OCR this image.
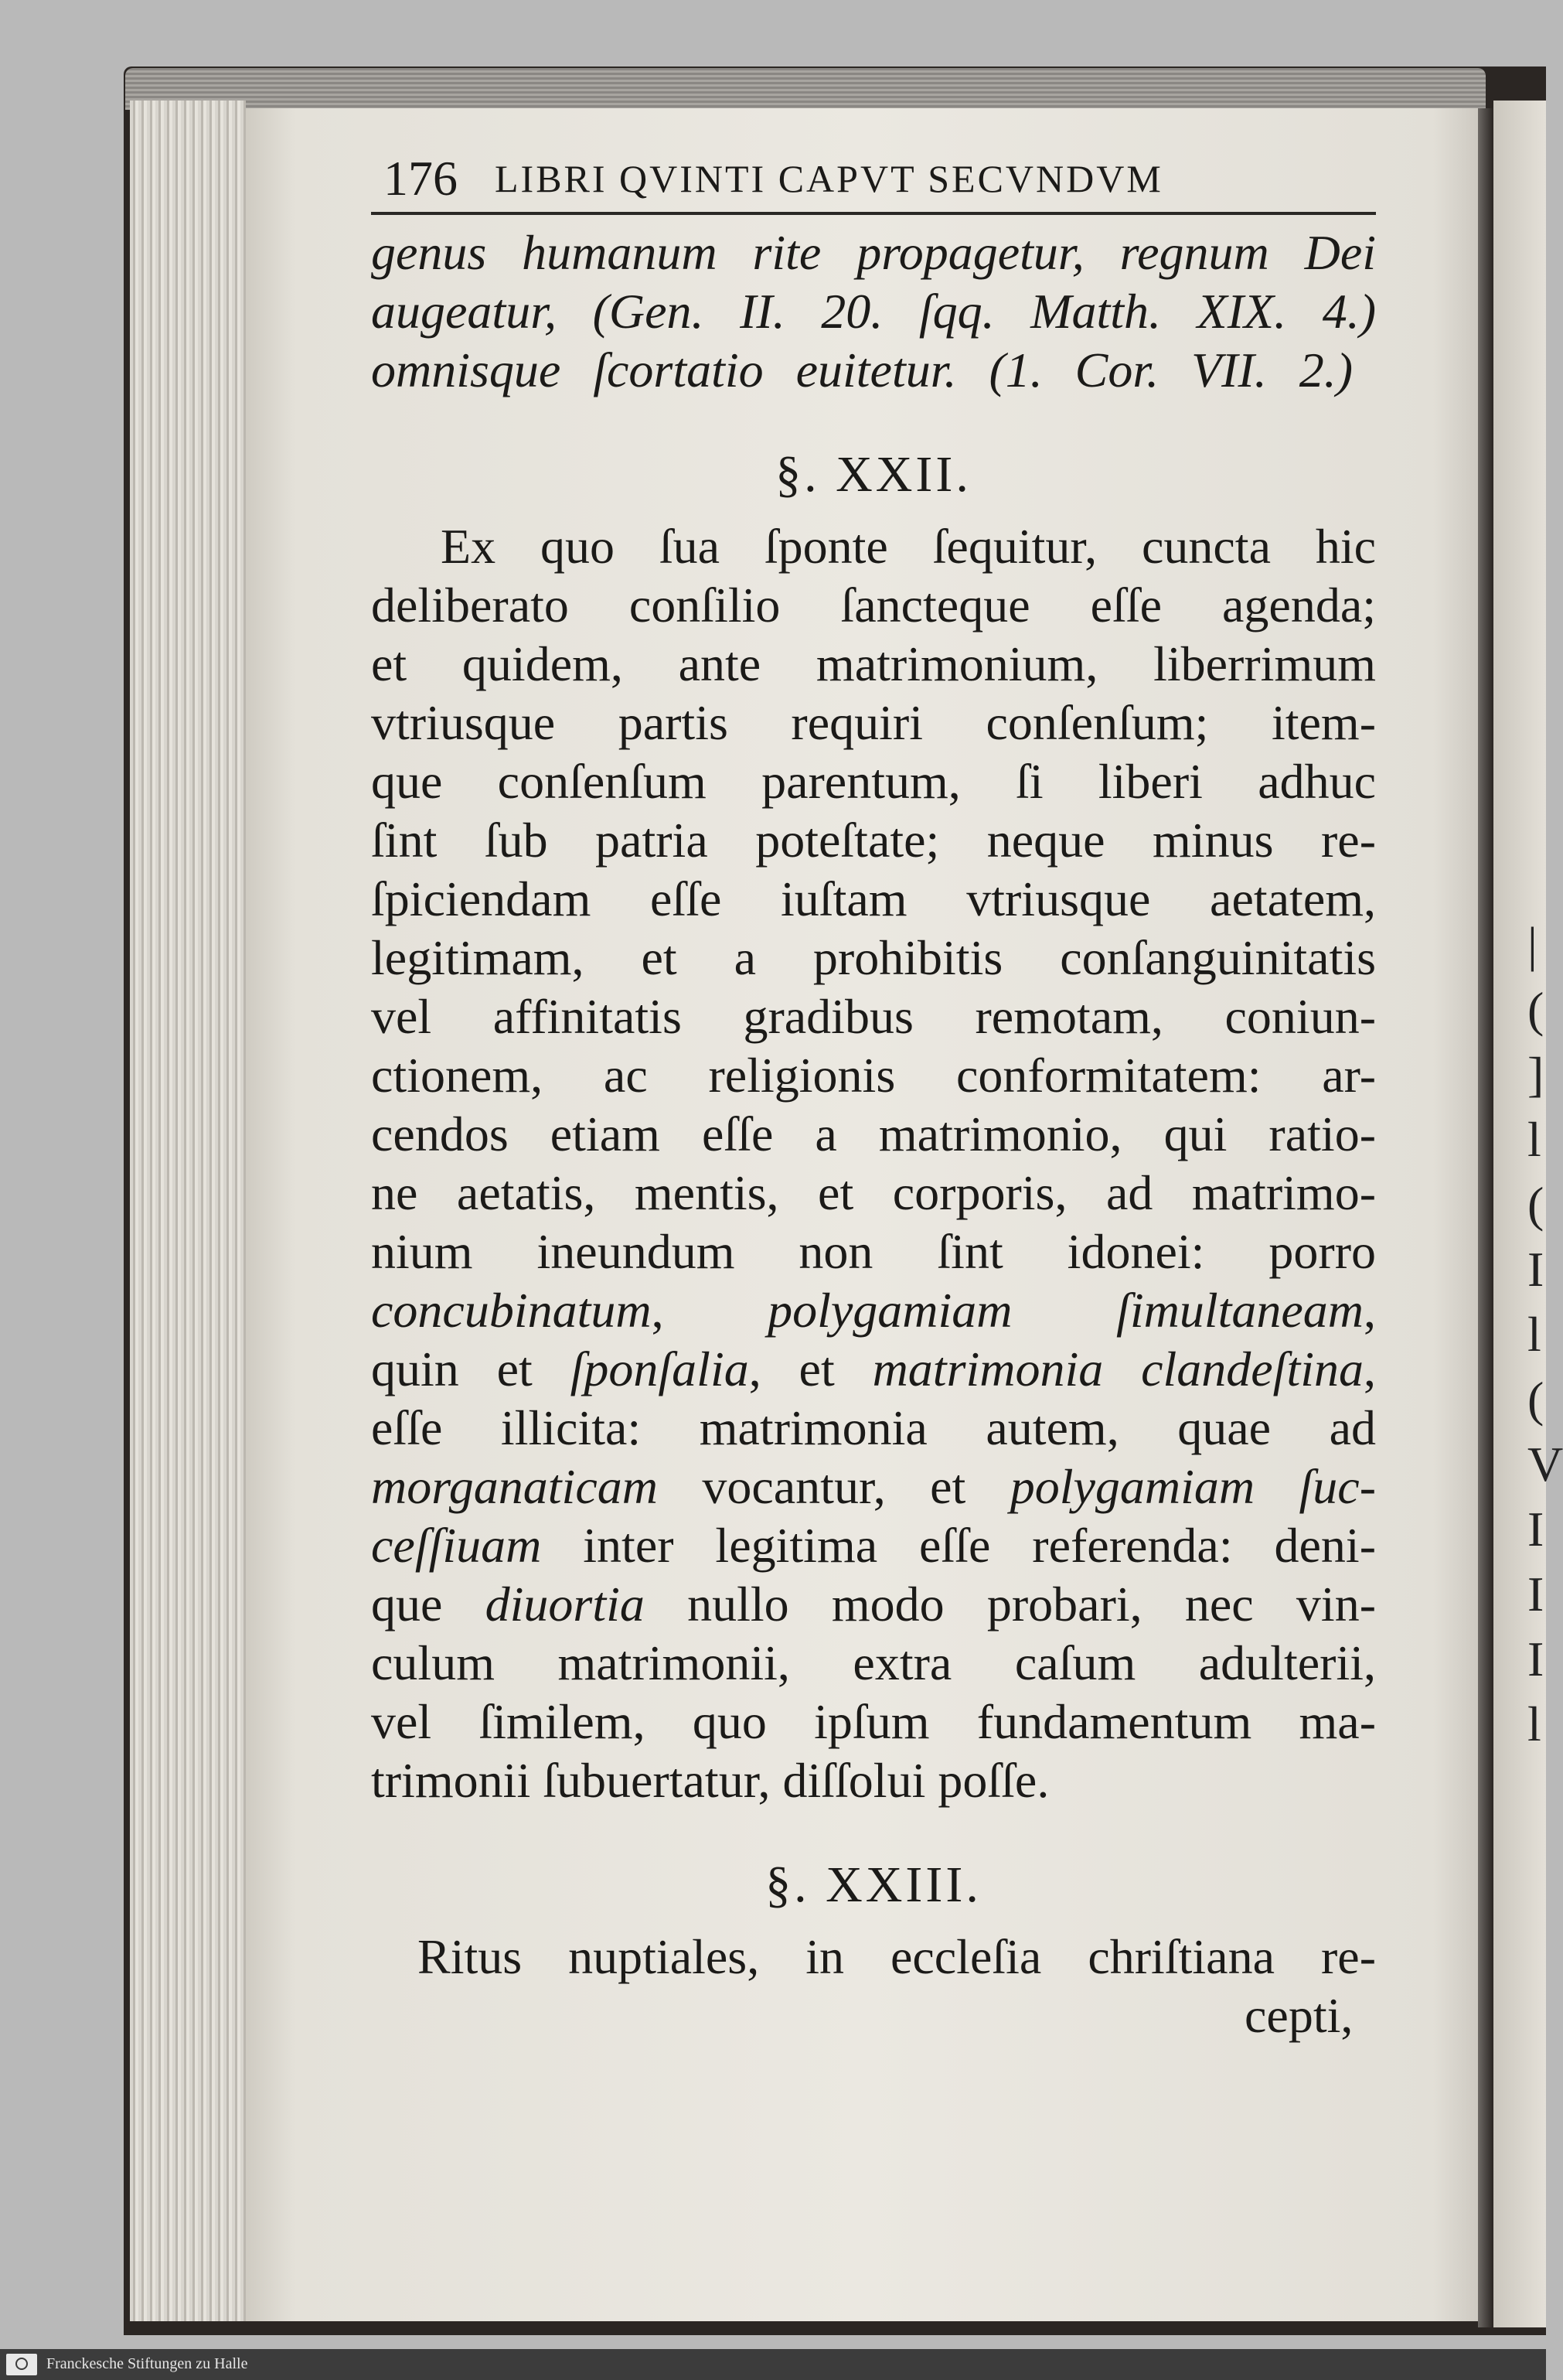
|
(
]
l
(
I
l
(
V
I
I
I
l
176 LIBRI QVINTI CAPVT SECVNDVM
genus humanum rite propagetur, regnum Dei
augeatur, (Gen. II. 20. ſqq. Matth. XIX. 4.)
omnisque ſcortatio euitetur. (1. Cor. VII. 2.)
§. XXII.
Ex quo ſua ſponte ſequitur, cuncta hic
deliberato conſilio ſancteque eſſe agenda;
et quidem, ante matrimonium, liberrimum
vtriusque partis requiri conſenſum; item-
que conſenſum parentum, ſi liberi adhuc
ſint ſub patria poteſtate; neque minus re-
ſpiciendam eſſe iuſtam vtriusque aetatem,
legitimam, et a prohibitis conſanguinitatis
vel affinitatis gradibus remotam, coniun-
ctionem, ac religionis conformitatem: ar-
cendos etiam eſſe a matrimonio, qui ratio-
ne aetatis, mentis, et corporis, ad matrimo-
nium ineundum non ſint idonei: porro
concubinatum, polygamiam ſimultaneam,
quin et ſponſalia, et matrimonia clandeſtina,
eſſe illicita: matrimonia autem, quae ad
morganaticam vocantur, et polygamiam ſuc-
ceſſiuam inter legitima eſſe referenda: deni-
que diuortia nullo modo probari, nec vin-
culum matrimonii, extra caſum adulterii,
vel ſimilem, quo ipſum fundamentum ma-
trimonii ſubuertatur, diſſolui poſſe.
§. XXIII.
Ritus nuptiales, in eccleſia chriſtiana re-
cepti,
Franckesche Stiftungen zu Halle
